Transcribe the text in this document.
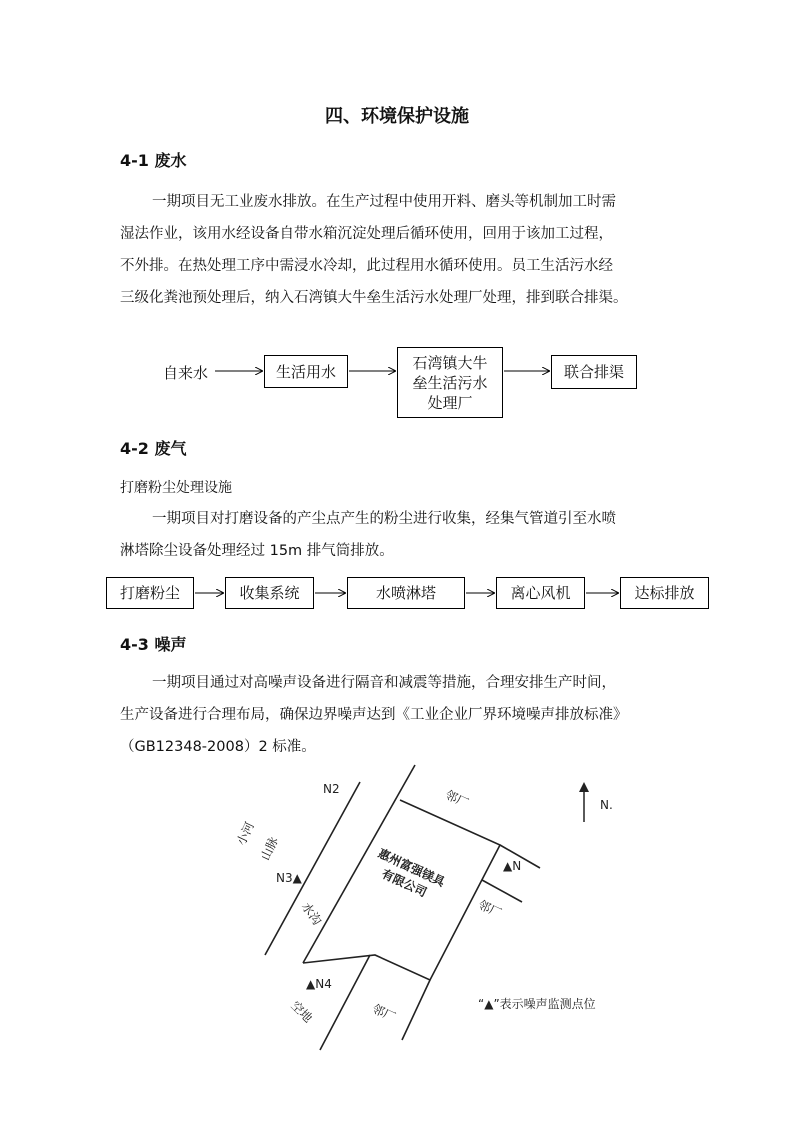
四、环境保护设施
4-1 废水
一期项目无工业废水排放。在生产过程中使用开料、磨头等机制加工时需
湿法作业，该用水经设备自带水箱沉淀处理后循环使用，回用于该加工过程，
不外排。在热处理工序中需浸水冷却，此过程用水循环使用。员工生活污水经
三级化粪池预处理后，纳入石湾镇大牛垒生活污水处理厂处理，排到联合排渠。
自来水	生活用水	石湾镇大牛
垒生活污水
处理厂
联合排渠
4-2 废气
打磨粉尘处理设施
一期项目对打磨设备的产尘点产生的粉尘进行收集，经集气管道引至水喷
淋塔除尘设备处理经过 15m 排气筒排放。
打磨粉尘	收集系统	水喷淋塔	离心风机	达标排放
4-3 噪声
一期项目通过对高噪声设备进行隔音和减震等措施，合理安排生产时间，
生产设备进行合理布局，确保边界噪声达到《工业企业厂界环境噪声排放标准》
（GB12348-2008）2 标准。
N2
N3▲
▲N
▲N4
N.
小河
山脉
水沟
邻厂
邻厂
邻厂
空地
惠州富强镁具
有限公司
“▲”表示噪声监测点位
